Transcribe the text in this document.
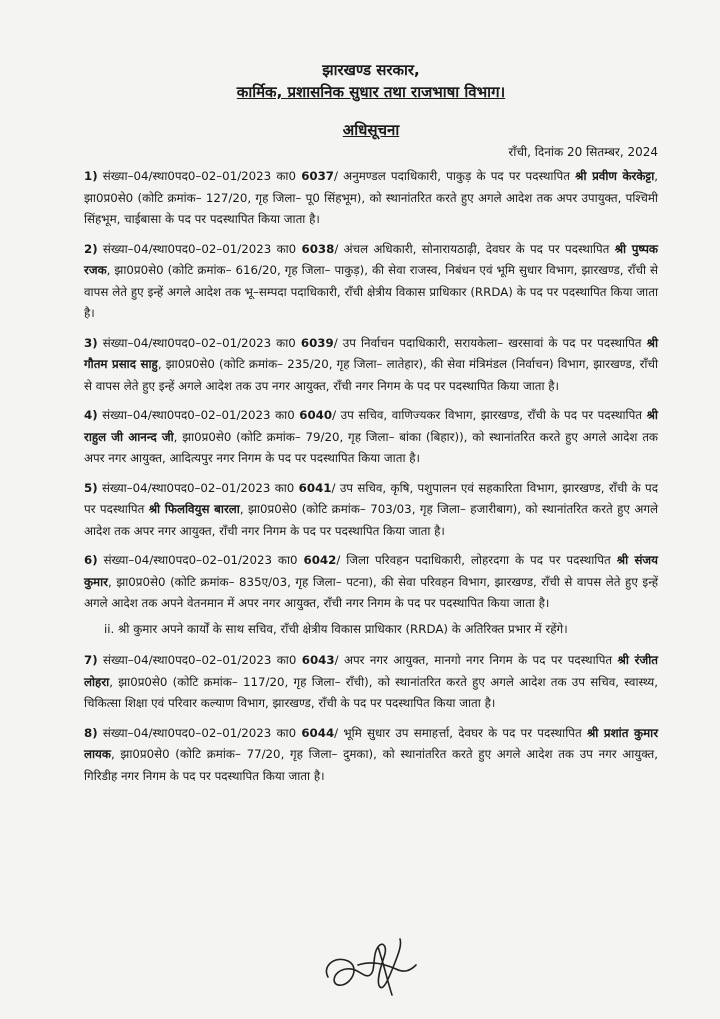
झारखण्ड सरकार,
कार्मिक, प्रशासनिक सुधार तथा राजभाषा विभाग।
अधिसूचना
राँची, दिनांक 20 सितम्बर, 2024

1) संख्या–04/स्था0पद0–02–01/2023 का0 6037/ अनुमण्डल पदाधिकारी, पाकुड़ के पद पर पदस्थापित श्री प्रवीण केरकेट्टा, झा0प्र0से0 (कोटि क्रमांक– 127/20, गृह जिला– पू0 सिंहभूम), को स्थानांतरित करते हुए अगले आदेश तक अपर उपायुक्त, पश्चिमी सिंहभूम, चाईबासा के पद पर पदस्थापित किया जाता है।

2) संख्या–04/स्था0पद0–02–01/2023 का0 6038/ अंचल अधिकारी, सोनारायठाढ़ी, देवघर के पद पर पदस्थापित श्री पुष्पक रजक, झा0प्र0से0 (कोटि क्रमांक– 616/20, गृह जिला– पाकुड़), की सेवा राजस्व, निबंधन एवं भूमि सुधार विभाग, झारखण्ड, राँची से वापस लेते हुए इन्हें अगले आदेश तक भू–सम्पदा पदाधिकारी, राँची क्षेत्रीय विकास प्राधिकार (RRDA) के पद पर पदस्थापित किया जाता है।

3) संख्या–04/स्था0पद0–02–01/2023 का0 6039/ उप निर्वाचन पदाधिकारी, सरायकेला– खरसावां के पद पर पदस्थापित श्री गौतम प्रसाद साहु, झा0प्र0से0 (कोटि क्रमांक– 235/20, गृह जिला– लातेहार), की सेवा मंत्रिमंडल (निर्वाचन) विभाग, झारखण्ड, राँची से वापस लेते हुए इन्हें अगले आदेश तक उप नगर आयुक्त, राँची नगर निगम के पद पर पदस्थापित किया जाता है।

4) संख्या–04/स्था0पद0–02–01/2023 का0 6040/ उप सचिव, वाणिज्यकर विभाग, झारखण्ड, राँची के पद पर पदस्थापित श्री राहुल जी आनन्द जी, झा0प्र0से0 (कोटि क्रमांक– 79/20, गृह जिला– बांका (बिहार)), को स्थानांतरित करते हुए अगले आदेश तक अपर नगर आयुक्त, आदित्यपुर नगर निगम के पद पर पदस्थापित किया जाता है।

5) संख्या–04/स्था0पद0–02–01/2023 का0 6041/ उप सचिव, कृषि, पशुपालन एवं सहकारिता विभाग, झारखण्ड, राँची के पद पर पदस्थापित श्री फिलवियुस बारला, झा0प्र0से0 (कोटि क्रमांक– 703/03, गृह जिला– हजारीबाग), को स्थानांतरित करते हुए अगले आदेश तक अपर नगर आयुक्त, राँची नगर निगम के पद पर पदस्थापित किया जाता है।

6) संख्या–04/स्था0पद0–02–01/2023 का0 6042/ जिला परिवहन पदाधिकारी, लोहरदगा के पद पर पदस्थापित श्री संजय कुमार, झा0प्र0से0 (कोटि क्रमांक– 835ए/03, गृह जिला– पटना), की सेवा परिवहन विभाग, झारखण्ड, राँची से वापस लेते हुए इन्हें अगले आदेश तक अपने वेतनमान में अपर नगर आयुक्त, राँची नगर निगम के पद पर पदस्थापित किया जाता है।

ii. श्री कुमार अपने कार्यों के साथ सचिव, राँची क्षेत्रीय विकास प्राधिकार (RRDA) के अतिरिक्त प्रभार में रहेंगे।

7) संख्या–04/स्था0पद0–02–01/2023 का0 6043/ अपर नगर आयुक्त, मानगो नगर निगम के पद पर पदस्थापित श्री रंजीत लोहरा, झा0प्र0से0 (कोटि क्रमांक– 117/20, गृह जिला– राँची), को स्थानांतरित करते हुए अगले आदेश तक उप सचिव, स्वास्थ्य, चिकित्सा शिक्षा एवं परिवार कल्याण विभाग, झारखण्ड, राँची के पद पर पदस्थापित किया जाता है।

8) संख्या–04/स्था0पद0–02–01/2023 का0 6044/ भूमि सुधार उप समाहर्त्ता, देवघर के पद पर पदस्थापित श्री प्रशांत कुमार लायक, झा0प्र0से0 (कोटि क्रमांक– 77/20, गृह जिला– दुमका), को स्थानांतरित करते हुए अगले आदेश तक उप नगर आयुक्त, गिरिडीह नगर निगम के पद पर पदस्थापित किया जाता है।
